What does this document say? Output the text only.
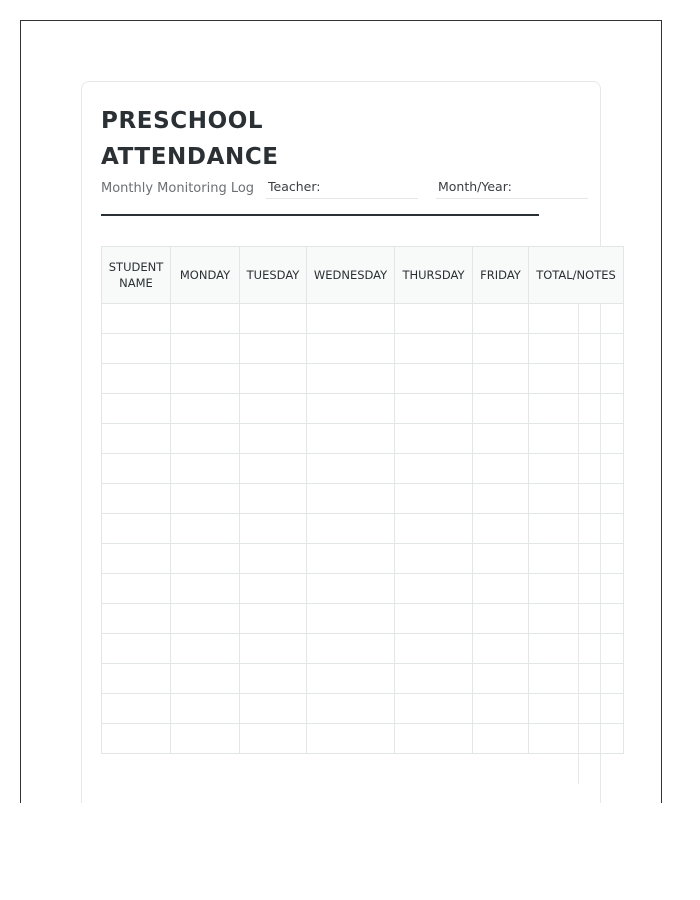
PRESCHOOL
ATTENDANCE
Monthly Monitoring Log Teacher:	Month/Year:
STUDENT NAME	MONDAY	TUESDAY	WEDNESDAY	THURSDAY	FRIDAY	TOTAL/NOTES
